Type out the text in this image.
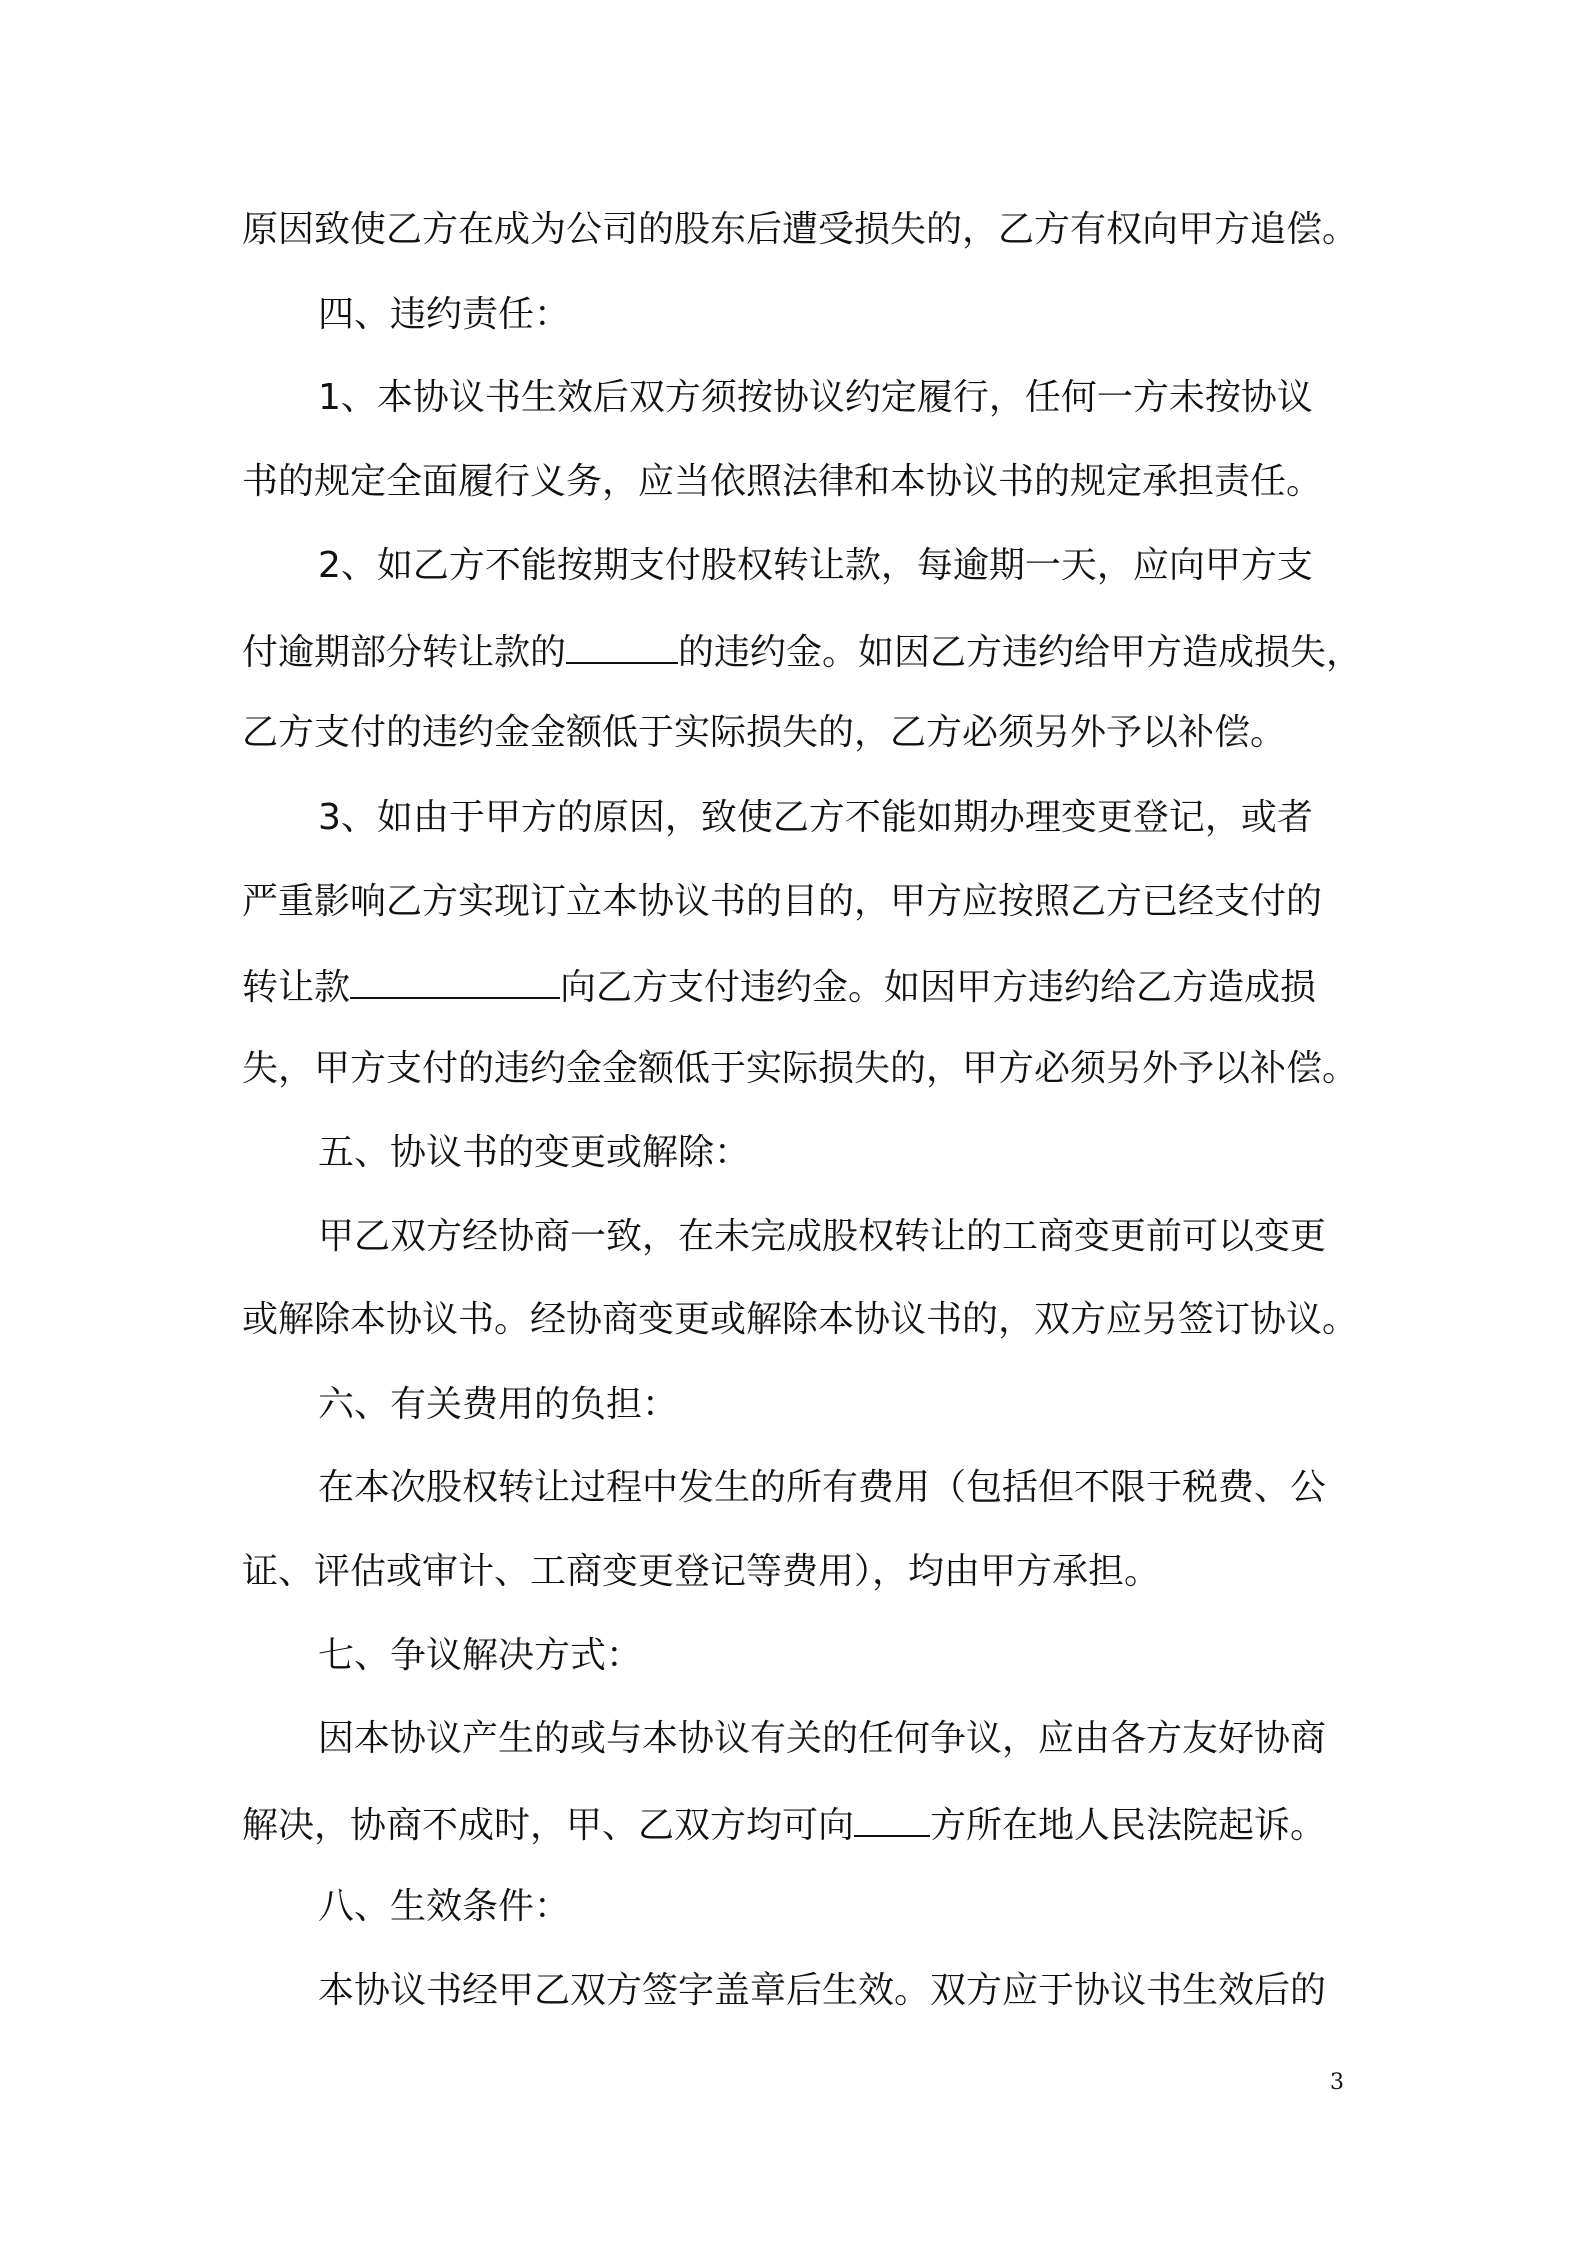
原因致使乙方在成为公司的股东后遭受损失的，乙方有权向甲方追偿。
四、违约责任：
1、本协议书生效后双方须按协议约定履行，任何一方未按协议
书的规定全面履行义务，应当依照法律和本协议书的规定承担责任。
2、如乙方不能按期支付股权转让款，每逾期一天，应向甲方支
付逾期部分转让款的	的违约金。如因乙方违约给甲方造成损失，
乙方支付的违约金金额低于实际损失的，乙方必须另外予以补偿。
3、如由于甲方的原因，致使乙方不能如期办理变更登记，或者
严重影响乙方实现订立本协议书的目的，甲方应按照乙方已经支付的
转让款	向乙方支付违约金。如因甲方违约给乙方造成损
失，甲方支付的违约金金额低于实际损失的，甲方必须另外予以补偿。
五、协议书的变更或解除：
甲乙双方经协商一致，在未完成股权转让的工商变更前可以变更
或解除本协议书。经协商变更或解除本协议书的，双方应另签订协议。
六、有关费用的负担：
在本次股权转让过程中发生的所有费用（包括但不限于税费、公
证、评估或审计、工商变更登记等费用），均由甲方承担。
七、争议解决方式：
因本协议产生的或与本协议有关的任何争议，应由各方友好协商
解决，协商不成时，甲、乙双方均可向 方所在地人民法院起诉。
八、生效条件：
本协议书经甲乙双方签字盖章后生效。双方应于协议书生效后的
3
